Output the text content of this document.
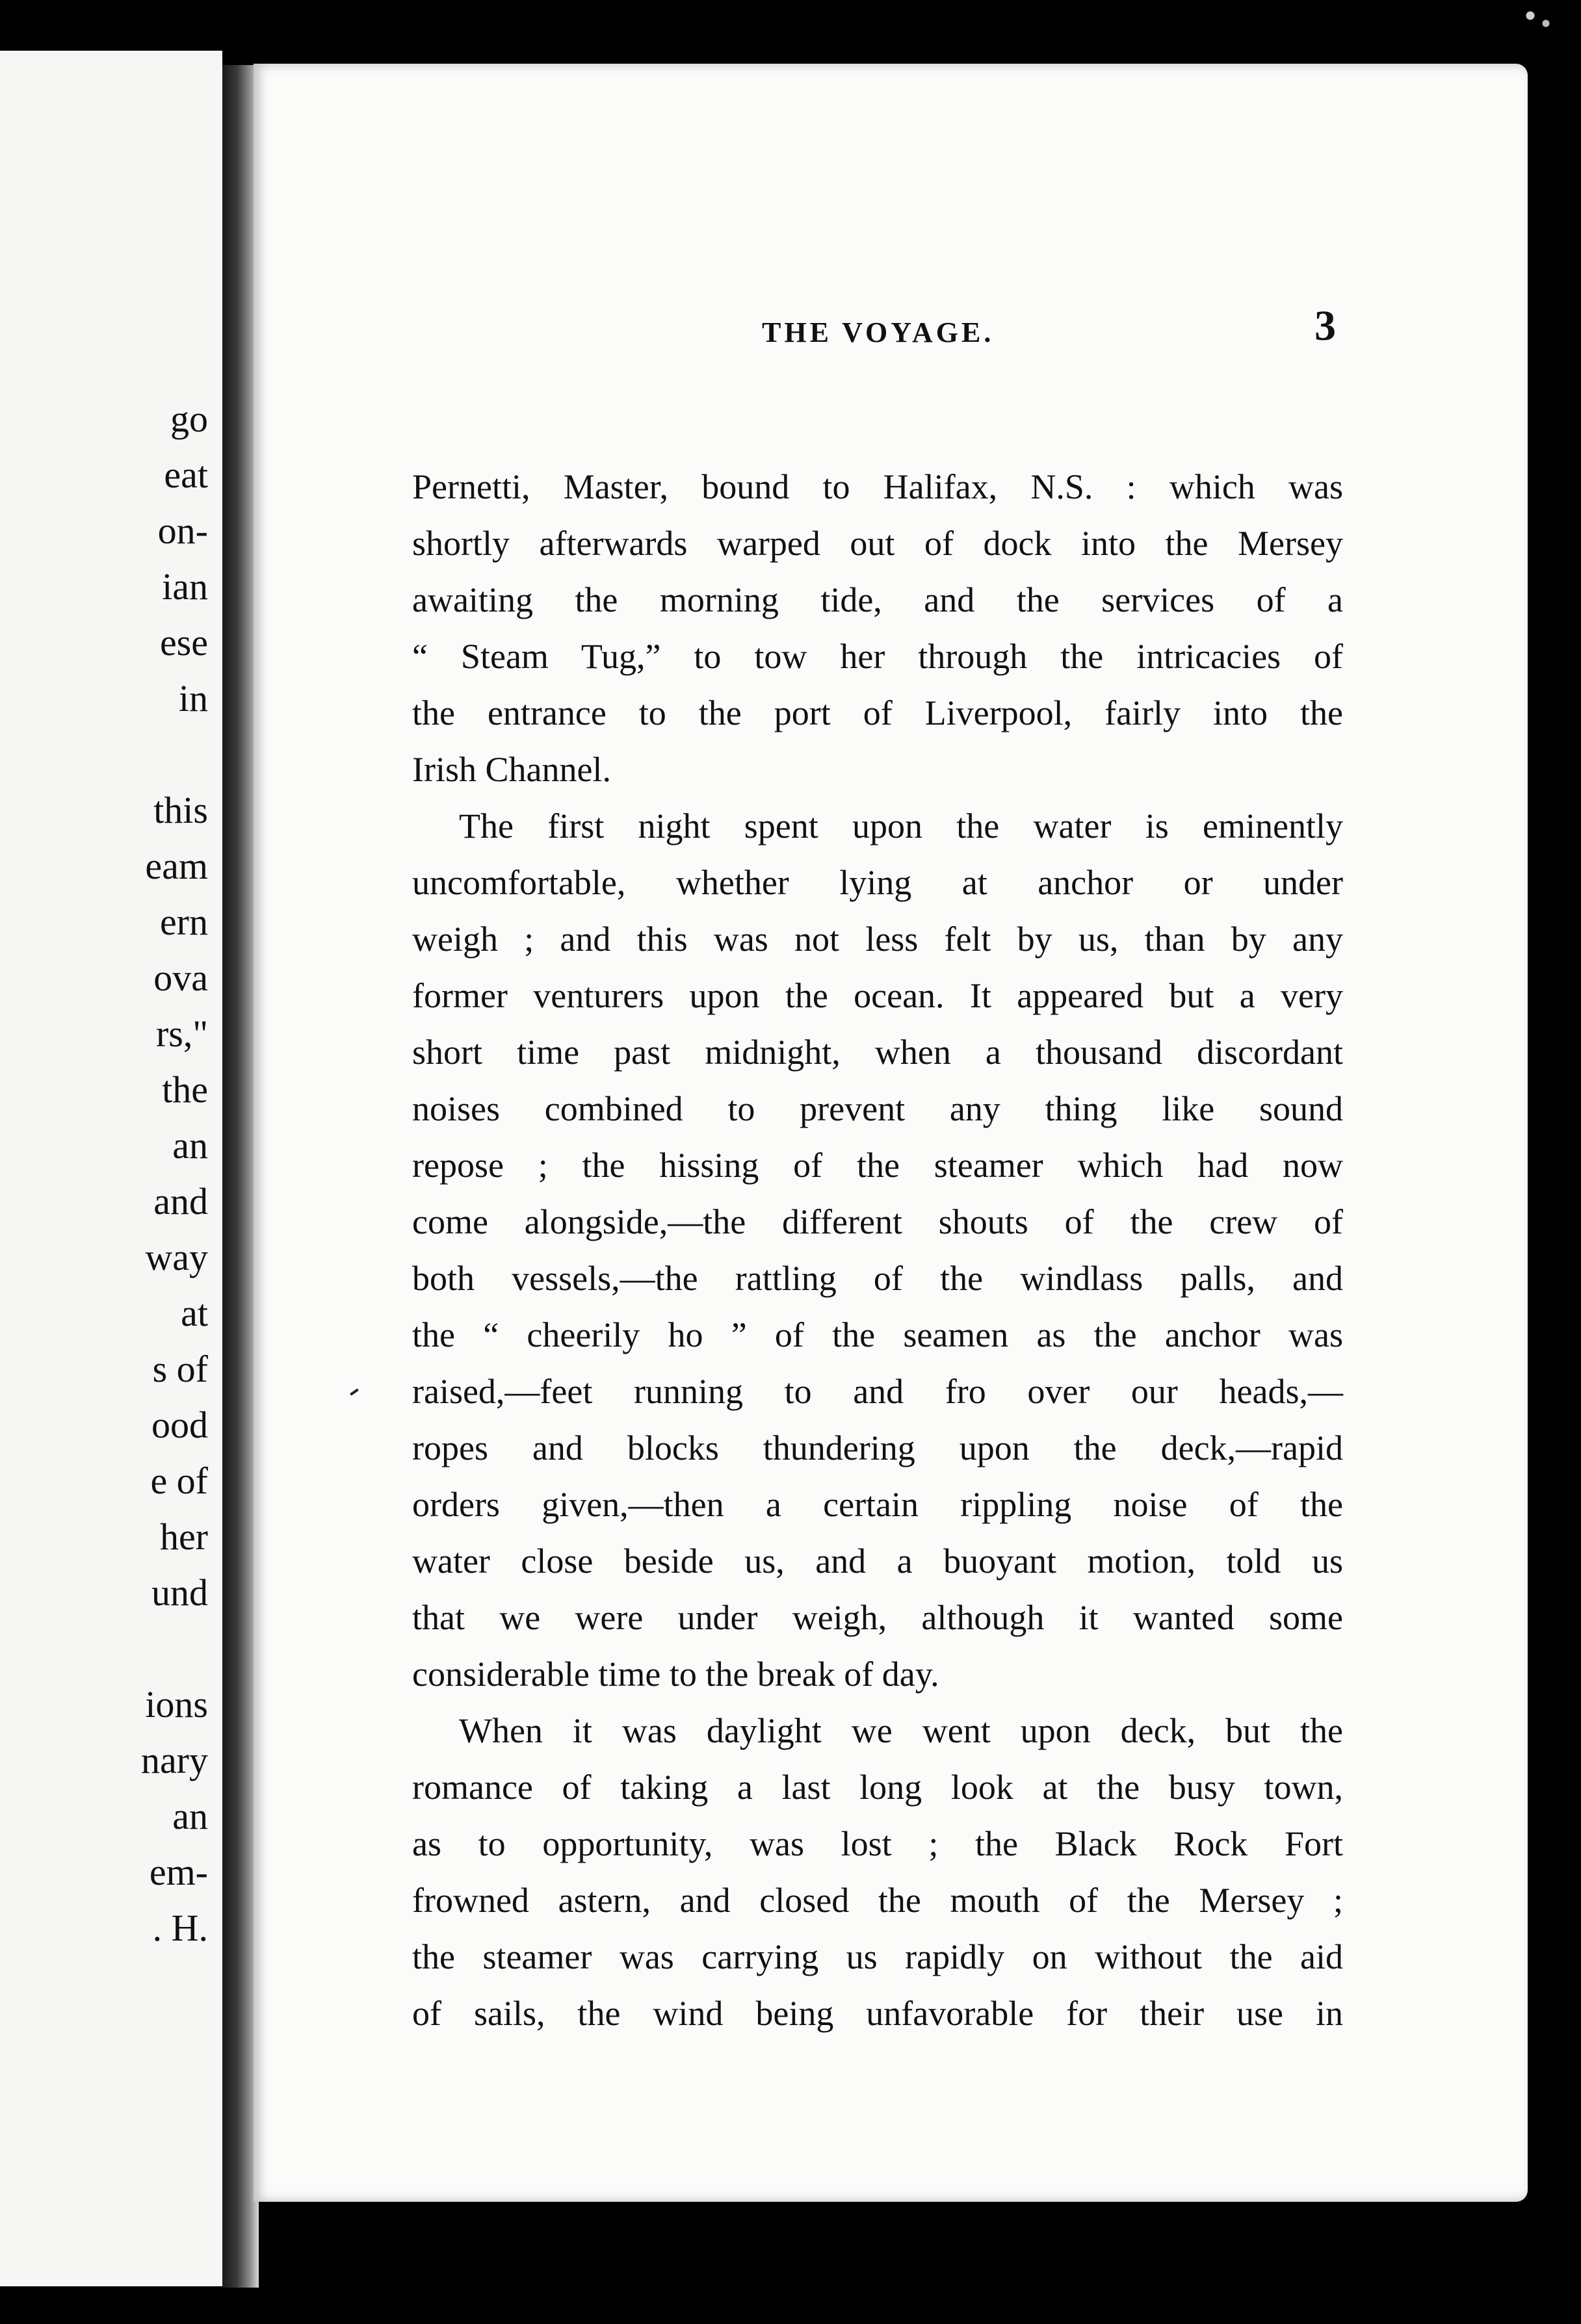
go
eat
on-
ian
ese
in
this
eam
ern
ova
rs,"
the
an
and
way
at
s of
ood
e of
her
und
ions
nary
an
em-
. H.
THE VOYAGE.	3
Pernetti, Master, bound to Halifax, N.S. : which was
shortly afterwards warped out of dock into the Mersey
awaiting the morning tide, and the services of a
“ Steam Tug,” to tow her through the intricacies of
the entrance to the port of Liverpool, fairly into the
Irish Channel.
The first night spent upon the water is eminently
uncomfortable, whether lying at anchor or under
weigh ; and this was not less felt by us, than by any
former venturers upon the ocean. It appeared but a very
short time past midnight, when a thousand discordant
noises combined to prevent any thing like sound
repose ; the hissing of the steamer which had now
come alongside,—the different shouts of the crew of
both vessels,—the rattling of the windlass palls, and
the “ cheerily ho ” of the seamen as the anchor was
raised,—feet running to and fro over our heads,—
ropes and blocks thundering upon the deck,—rapid
orders given,—then a certain rippling noise of the
water close beside us, and a buoyant motion, told us
that we were under weigh, although it wanted some
considerable time to the break of day.
When it was daylight we went upon deck, but the
romance of taking a last long look at the busy town,
as to opportunity, was lost ; the Black Rock Fort
frowned astern, and closed the mouth of the Mersey ;
the steamer was carrying us rapidly on without the aid
of sails, the wind being unfavorable for their use in
